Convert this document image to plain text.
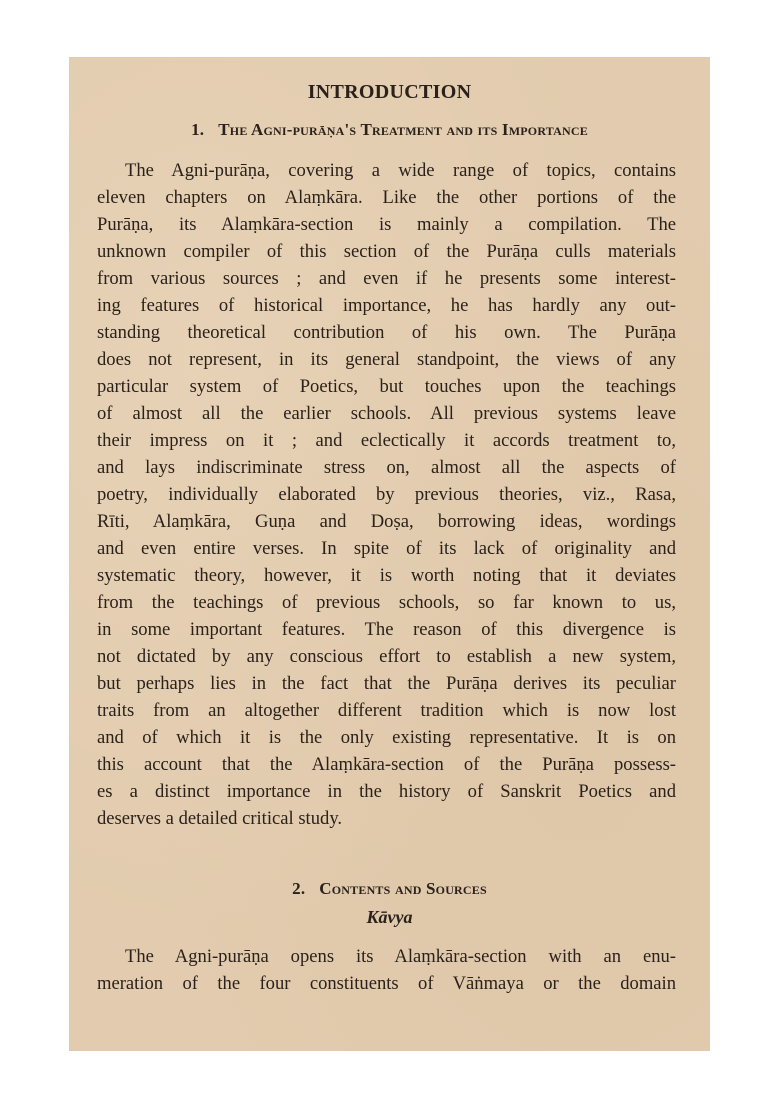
INTRODUCTION
1. The Agni-purāṇa's Treatment and its Importance

The Agni-purāṇa, covering a wide range of topics, contains
eleven chapters on Alaṃkāra. Like the other portions of the
Purāṇa, its Alaṃkāra-section is mainly a compilation. The
unknown compiler of this section of the Purāṇa culls materials
from various sources ; and even if he presents some interest-
ing features of historical importance, he has hardly any out-
standing theoretical contribution of his own. The Purāṇa
does not represent, in its general standpoint, the views of any
particular system of Poetics, but touches upon the teachings
of almost all the earlier schools. All previous systems leave
their impress on it ; and eclectically it accords treatment to,
and lays indiscriminate stress on, almost all the aspects of
poetry, individually elaborated by previous theories, viz., Rasa,
Rīti, Alaṃkāra, Guṇa and Doṣa, borrowing ideas, wordings
and even entire verses. In spite of its lack of originality and
systematic theory, however, it is worth noting that it deviates
from the teachings of previous schools, so far known to us,
in some important features. The reason of this divergence is
not dictated by any conscious effort to establish a new system,
but perhaps lies in the fact that the Purāṇa derives its peculiar
traits from an altogether different tradition which is now lost
and of which it is the only existing representative. It is on
this account that the Alaṃkāra-section of the Purāṇa possess-
es a distinct importance in the history of Sanskrit Poetics and
deserves a detailed critical study.

2. Contents and Sources
Kāvya

The Agni-purāṇa opens its Alaṃkāra-section with an enu-
meration of the four constituents of Vāṅmaya or the domain
